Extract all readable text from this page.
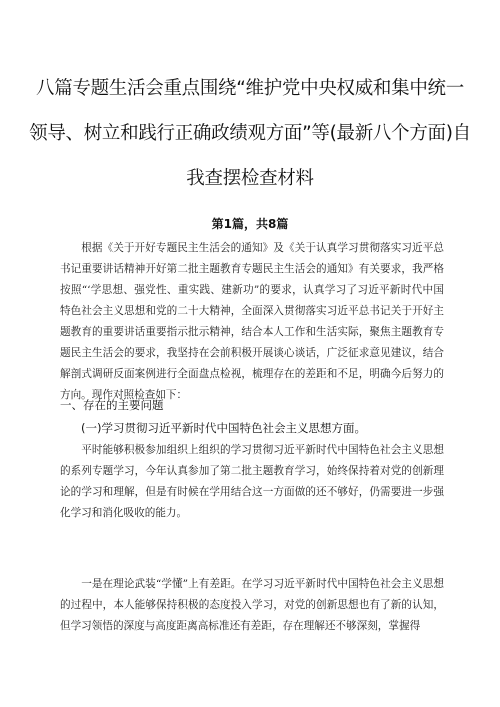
八篇专题生活会重点围绕“维护党中央权威和集中统一
领导、树立和践行正确政绩观方面”等(最新八个方面)自
我查摆检查材料
第1篇，共8篇

根据《关于开好专题民主生活会的通知》及《关于认真学习贯彻落实习近平总书记重要讲话精神开好第二批主题教育专题民主生活会的通知》有关要求，我严格按照“‘学思想、强党性、重实践、建新功”的要求，认真学习了习近平新时代中国特色社会主义思想和党的二十大精神，全面深入贯彻落实习近平总书记关于开好主题教育的重要讲话重要指示批示精神，结合本人工作和生活实际，聚焦主题教育专题民主生活会的要求，我坚持在会前积极开展谈心谈话，广泛征求意见建议，结合解剖式调研反面案例进行全面盘点检视，梳理存在的差距和不足，明确今后努力的方向。现作对照检查如下：

一、存在的主要问题
(一)学习贯彻习近平新时代中国特色社会主义思想方面。

平时能够积极参加组织上组织的学习贯彻习近平新时代中国特色社会主义思想的系列专题学习，今年认真参加了第二批主题教育学习，始终保持着对党的创新理论的学习和理解，但是有时候在学用结合这一方面做的还不够好，仍需要进一步强化学习和消化吸收的能力。

一是在理论武装“学懂”上有差距。在学习习近平新时代中国特色社会主义思想的过程中，本人能够保持积极的态度投入学习，对党的创新思想也有了新的认知，但学习领悟的深度与高度距离高标准还有差距，存在理解还不够深刻，掌握得
